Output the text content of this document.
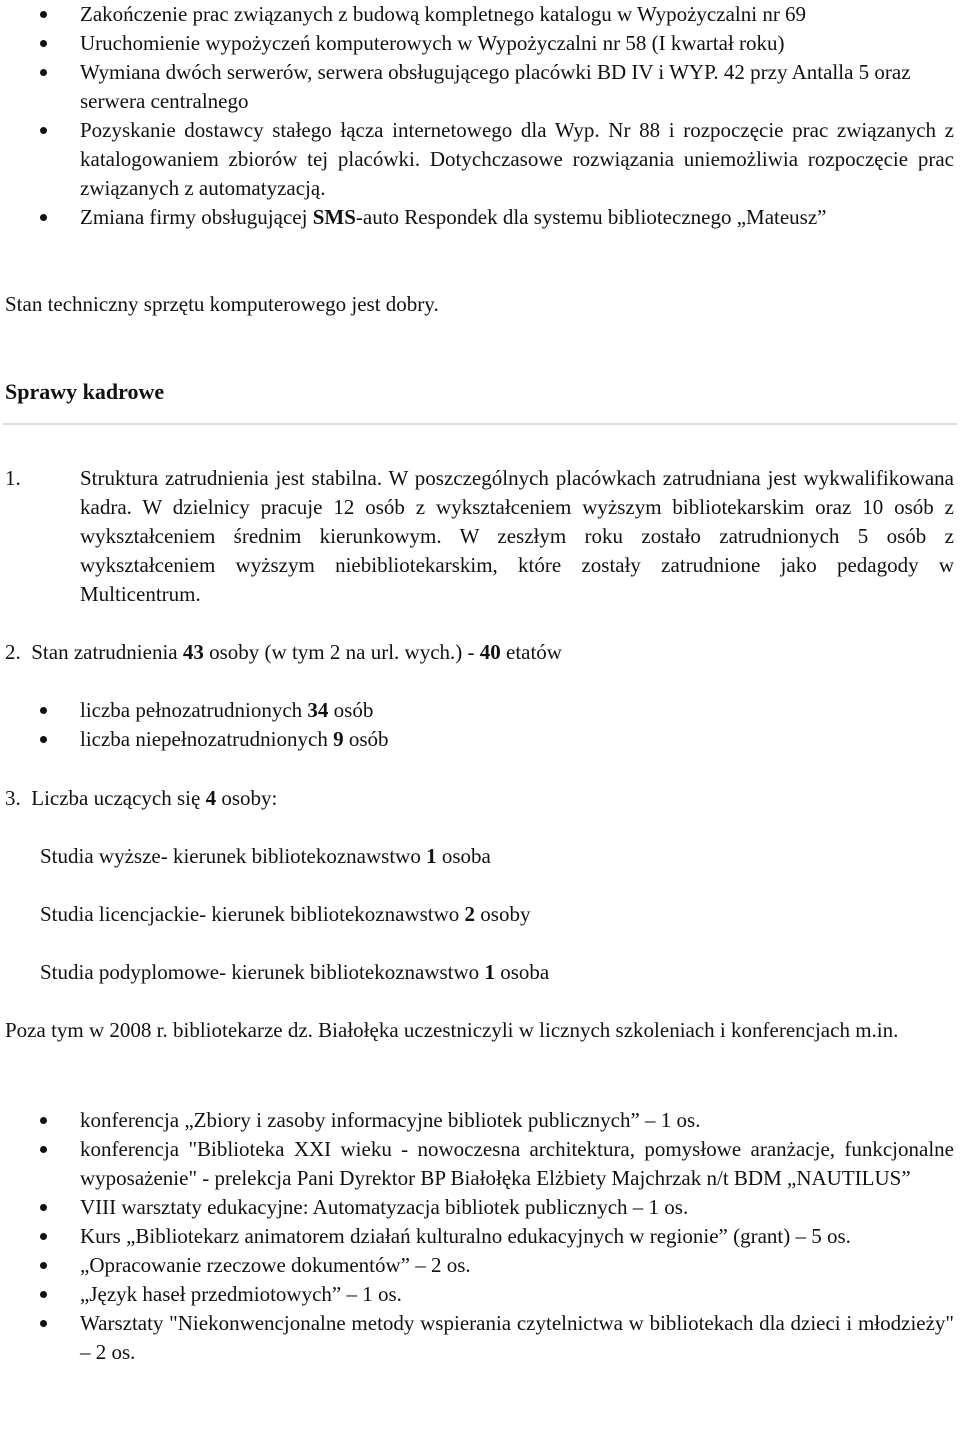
Zakończenie prac związanych z budową kompletnego katalogu w Wypożyczalni nr 69
Uruchomienie wypożyczeń komputerowych w Wypożyczalni nr 58 (I kwartał roku)
Wymiana dwóch serwerów, serwera obsługującego placówki BD IV i WYP. 42 przy Antalla 5 oraz serwera centralnego
Pozyskanie dostawcy stałego łącza internetowego dla Wyp. Nr 88 i rozpoczęcie prac związanych z katalogowaniem zbiorów tej placówki. Dotychczasowe rozwiązania uniemożliwia rozpoczęcie prac związanych z automatyzacją.
Zmiana firmy obsługującej SMS-auto Respondek dla systemu bibliotecznego „Mateusz”
Stan techniczny sprzętu komputerowego jest dobry.
Sprawy kadrowe
1.	Struktura zatrudnienia jest stabilna. W poszczególnych placówkach zatrudniana jest wykwalifikowana kadra. W dzielnicy pracuje 12 osób z wykształceniem wyższym bibliotekarskim oraz 10 osób z wykształceniem średnim kierunkowym. W zeszłym roku zostało zatrudnionych 5 osób z wykształceniem wyższym niebibliotekarskim, które zostały zatrudnione jako pedagody w Multicentrum.
2. Stan zatrudnienia 43 osoby (w tym 2 na url. wych.) - 40 etatów
liczba pełnozatrudnionych 34 osób
liczba niepełnozatrudnionych 9 osób
3. Liczba uczących się 4 osoby:
Studia wyższe- kierunek bibliotekoznawstwo 1 osoba
Studia licencjackie- kierunek bibliotekoznawstwo 2 osoby
Studia podyplomowe- kierunek bibliotekoznawstwo 1 osoba
Poza tym w 2008 r. bibliotekarze dz. Białołęka uczestniczyli w licznych szkoleniach i konferencjach m.in.
konferencja „Zbiory i zasoby informacyjne bibliotek publicznych” – 1 os.
konferencja "Biblioteka XXI wieku - nowoczesna architektura, pomysłowe aranżacje, funkcjonalne wyposażenie" - prelekcja Pani Dyrektor BP Białołęka Elżbiety Majchrzak n/t BDM „NAUTILUS”
VIII warsztaty edukacyjne: Automatyzacja bibliotek publicznych – 1 os.
Kurs „Bibliotekarz animatorem działań kulturalno edukacyjnych w regionie” (grant) – 5 os.
„Opracowanie rzeczowe dokumentów” – 2 os.
„Język haseł przedmiotowych” – 1 os.
Warsztaty "Niekonwencjonalne metody wspierania czytelnictwa w bibliotekach dla dzieci i młodzieży" – 2 os.
